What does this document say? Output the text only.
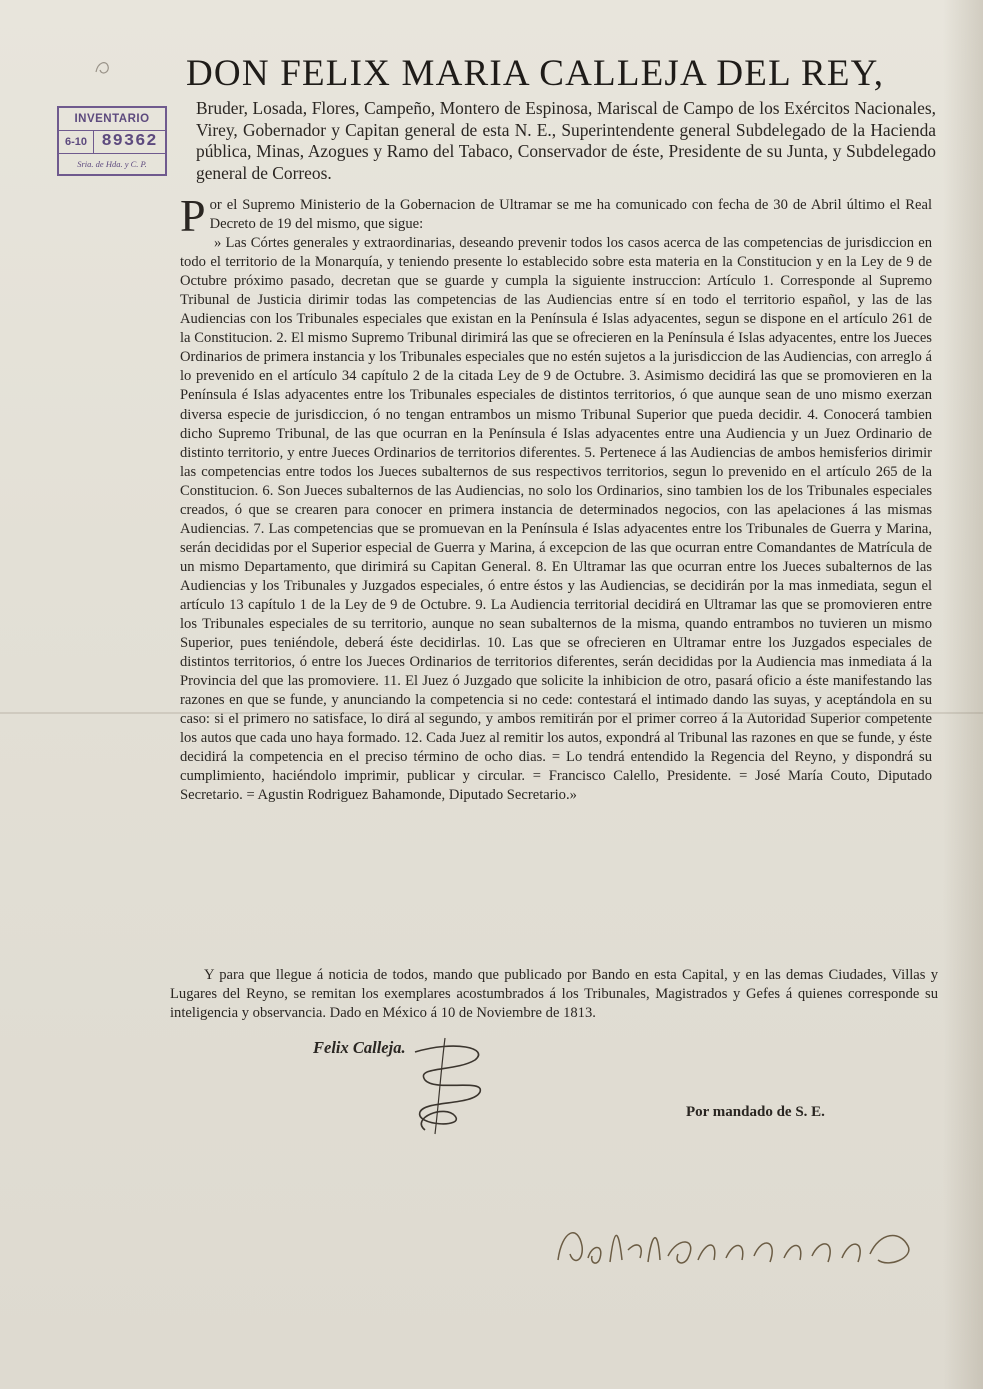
DON FELIX MARIA CALLEJA DEL REY,
Bruder, Losada, Flores, Campeño, Montero de Espinosa, Mariscal de Campo de los Exércitos Nacionales, Virey, Gobernador y Capitan general de esta N. E., Superintendente general Subdelegado de la Hacienda pública, Minas, Azogues y Ramo del Tabaco, Conservador de éste, Presidente de su Junta, y Subdelegado general de Correos.
INVENTARIO
6-10 89362
Sria. de Hda. y C. P.

Por el Supremo Ministerio de la Gobernacion de Ultramar se me ha comunicado con fecha de 30 de Abril último el Real Decreto de 19 del mismo, que sigue:

» Las Córtes generales y extraordinarias, deseando prevenir todos los casos acerca de las competencias de jurisdiccion en todo el territorio de la Monarquía, y teniendo presente lo establecido sobre esta materia en la Constitucion y en la Ley de 9 de Octubre próximo pasado, decretan que se guarde y cumpla la siguiente instruccion: Artículo 1. Corresponde al Supremo Tribunal de Justicia dirimir todas las competencias de las Audiencias entre sí en todo el territorio español, y las de las Audiencias con los Tribunales especiales que existan en la Península é Islas adyacentes, segun se dispone en el artículo 261 de la Constitucion. 2. El mismo Supremo Tribunal dirimirá las que se ofrecieren en la Península é Islas adyacentes, entre los Jueces Ordinarios de primera instancia y los Tribunales especiales que no estén sujetos a la jurisdiccion de las Audiencias, con arreglo á lo prevenido en el artículo 34 capítulo 2 de la citada Ley de 9 de Octubre. 3. Asimismo decidirá las que se promovieren en la Península é Islas adyacentes entre los Tribunales especiales de distintos territorios, ó que aunque sean de uno mismo exerzan diversa especie de jurisdiccion, ó no tengan entrambos un mismo Tribunal Superior que pueda decidir. 4. Conocerá tambien dicho Supremo Tribunal, de las que ocurran en la Península é Islas adyacentes entre una Audiencia y un Juez Ordinario de distinto territorio, y entre Jueces Ordinarios de territorios diferentes. 5. Pertenece á las Audiencias de ambos hemisferios dirimir las competencias entre todos los Jueces subalternos de sus respectivos territorios, segun lo prevenido en el artículo 265 de la Constitucion. 6. Son Jueces subalternos de las Audiencias, no solo los Ordinarios, sino tambien los de los Tribunales especiales creados, ó que se crearen para conocer en primera instancia de determinados negocios, con las apelaciones á las mismas Audiencias. 7. Las competencias que se promuevan en la Península é Islas adyacentes entre los Tribunales de Guerra y Marina, serán decididas por el Superior especial de Guerra y Marina, á excepcion de las que ocurran entre Comandantes de Matrícula de un mismo Departamento, que dirimirá su Capitan General. 8. En Ultramar las que ocurran entre los Jueces subalternos de las Audiencias y los Tribunales y Juzgados especiales, ó entre éstos y las Audiencias, se decidirán por la mas inmediata, segun el artículo 13 capítulo 1 de la Ley de 9 de Octubre. 9. La Audiencia territorial decidirá en Ultramar las que se promovieren entre los Tribunales especiales de su territorio, aunque no sean subalternos de la misma, quando entrambos no tuvieren un mismo Superior, pues teniéndole, deberá éste decidirlas. 10. Las que se ofrecieren en Ultramar entre los Juzgados especiales de distintos territorios, ó entre los Jueces Ordinarios de territorios diferentes, serán decididas por la Audiencia mas inmediata á la Provincia del que las promoviere. 11. El Juez ó Juzgado que solicite la inhibicion de otro, pasará oficio a éste manifestando las razones en que se funde, y anunciando la competencia si no cede: contestará el intimado dando las suyas, y aceptándola en su caso: si el primero no satisface, lo dirá al segundo, y ambos remitirán por el primer correo á la Autoridad Superior competente los autos que cada uno haya formado. 12. Cada Juez al remitir los autos, expondrá al Tribunal las razones en que se funde, y éste decidirá la competencia en el preciso término de ocho dias. = Lo tendrá entendido la Regencia del Reyno, y dispondrá su cumplimiento, haciéndolo imprimir, publicar y circular. = Francisco Calello, Presidente. = José María Couto, Diputado Secretario. = Agustin Rodriguez Bahamonde, Diputado Secretario.»

Y para que llegue á noticia de todos, mando que publicado por Bando en esta Capital, y en las demas Ciudades, Villas y Lugares del Reyno, se remitan los exemplares acostumbrados á los Tribunales, Magistrados y Gefes á quienes corresponde su inteligencia y observancia. Dado en México á 10 de Noviembre de 1813.

Felix Calleja.
Por mandado de S. E.
